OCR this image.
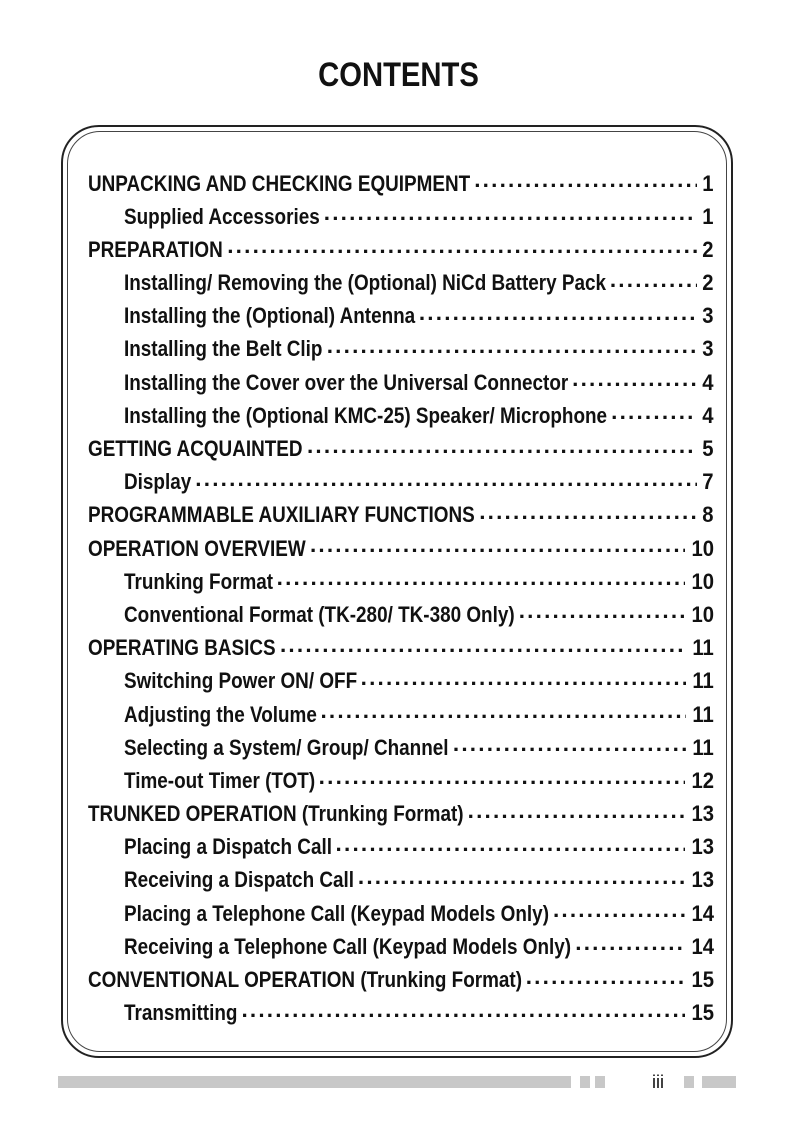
CONTENTS
UNPACKING AND CHECKING EQUIPMENT .....	1
Supplied Accessories .....	1
PREPARATION .....	2
Installing/ Removing the (Optional) NiCd Battery Pack .....	2
Installing the (Optional) Antenna .....	3
Installing the Belt Clip .....	3
Installing the Cover over the Universal Connector .....	4
Installing the (Optional KMC-25) Speaker/ Microphone .....	4
GETTING ACQUAINTED .....	5
Display .....	7
PROGRAMMABLE AUXILIARY FUNCTIONS .....	8
OPERATION OVERVIEW .....	10
Trunking Format .....	10
Conventional Format (TK-280/ TK-380 Only) .....	10
OPERATING BASICS .....	11
Switching Power ON/ OFF .....	11
Adjusting the Volume .....	11
Selecting a System/ Group/ Channel .....	11
Time-out Timer (TOT) .....	12
TRUNKED OPERATION (Trunking Format) .....	13
Placing a Dispatch Call .....	13
Receiving a Dispatch Call .....	13
Placing a Telephone Call (Keypad Models Only) .....	14
Receiving a Telephone Call (Keypad Models Only) .....	14
CONVENTIONAL OPERATION (Trunking Format) .....	15
Transmitting .....	15
iii
